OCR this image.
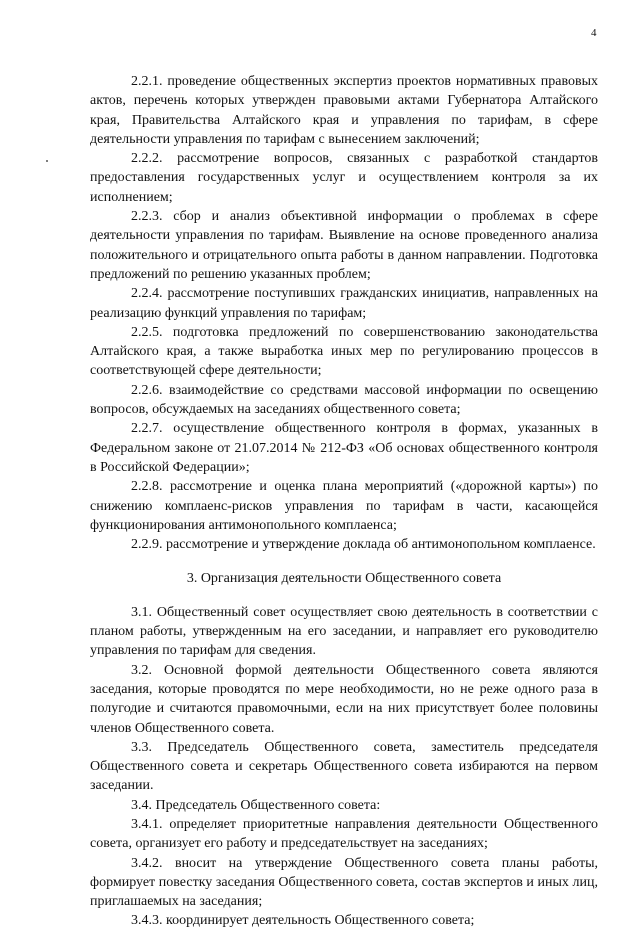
4

2.2.1. проведение общественных экспертиз проектов нормативных правовых актов, перечень которых утвержден правовыми актами Губернатора Алтайского края, Правительства Алтайского края и управления по тарифам, в сфере деятельности управления по тарифам с вынесением заключений;

2.2.2. рассмотрение вопросов, связанных с разработкой стандартов предоставления государственных услуг и осуществлением контроля за их исполнением;

2.2.3. сбор и анализ объективной информации о проблемах в сфере деятельности управления по тарифам. Выявление на основе проведенного анализа положительного и отрицательного опыта работы в данном направлении. Подготовка предложений по решению указанных проблем;

2.2.4. рассмотрение поступивших гражданских инициатив, направленных на реализацию функций управления по тарифам;

2.2.5. подготовка предложений по совершенствованию законодательства Алтайского края, а также выработка иных мер по регулированию процессов в соответствующей сфере деятельности;

2.2.6. взаимодействие со средствами массовой информации по освещению вопросов, обсуждаемых на заседаниях общественного совета;

2.2.7. осуществление общественного контроля в формах, указанных в Федеральном законе от 21.07.2014 № 212-ФЗ «Об основах общественного контроля в Российской Федерации»;

2.2.8. рассмотрение и оценка плана мероприятий («дорожной карты») по снижению комплаенс-рисков управления по тарифам в части, касающейся функционирования антимонопольного комплаенса;

2.2.9. рассмотрение и утверждение доклада об антимонопольном комплаенсе.

3. Организация деятельности Общественного совета

3.1. Общественный совет осуществляет свою деятельность в соответствии с планом работы, утвержденным на его заседании, и направляет его руководителю управления по тарифам для сведения.

3.2. Основной формой деятельности Общественного совета являются заседания, которые проводятся по мере необходимости, но не реже одного раза в полугодие и считаются правомочными, если на них присутствует более половины членов Общественного совета.

3.3. Председатель Общественного совета, заместитель председателя Общественного совета и секретарь Общественного совета избираются на первом заседании.

3.4. Председатель Общественного совета:

3.4.1. определяет приоритетные направления деятельности Общественного совета, организует его работу и председательствует на заседаниях;

3.4.2. вносит на утверждение Общественного совета планы работы, формирует повестку заседания Общественного совета, состав экспертов и иных лиц, приглашаемых на заседания;

3.4.3. координирует деятельность Общественного совета;
